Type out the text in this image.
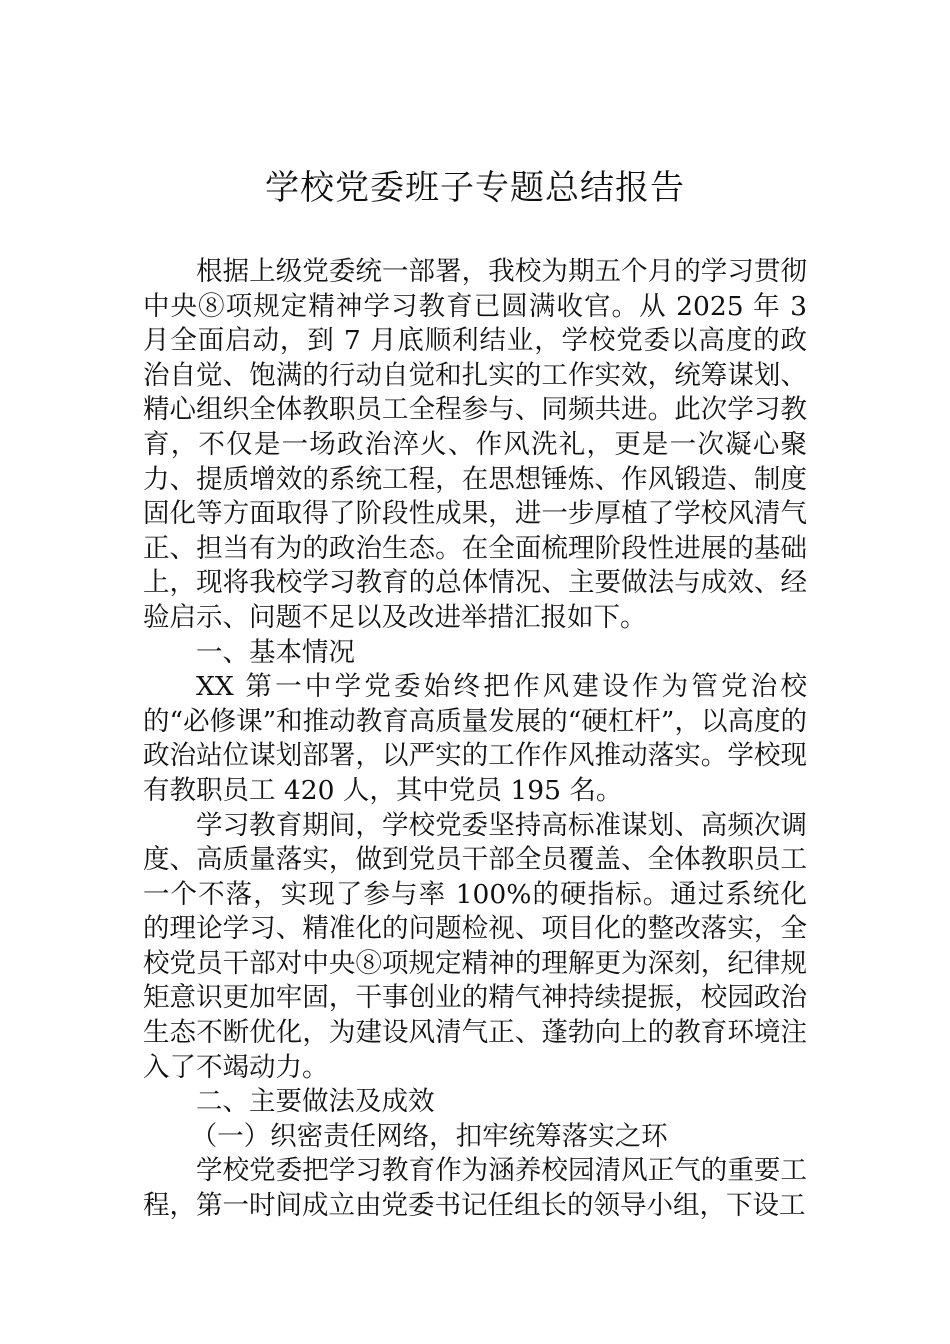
学校党委班子专题总结报告

根据上级党委统一部署，我校为期五个月的学习贯彻中央⑧项规定精神学习教育已圆满收官。从 2025 年 3 月全面启动，到 7 月底顺利结业，学校党委以高度的政治自觉、饱满的行动自觉和扎实的工作实效，统筹谋划、精心组织全体教职员工全程参与、同频共进。此次学习教育，不仅是一场政治淬火、作风洗礼，更是一次凝心聚力、提质增效的系统工程，在思想锤炼、作风锻造、制度固化等方面取得了阶段性成果，进一步厚植了学校风清气正、担当有为的政治生态。在全面梳理阶段性进展的基础上，现将我校学习教育的总体情况、主要做法与成效、经验启示、问题不足以及改进举措汇报如下。

一、基本情况

XX 第一中学党委始终把作风建设作为管党治校的“必修课”和推动教育高质量发展的“硬杠杆”，以高度的政治站位谋划部署，以严实的工作作风推动落实。学校现有教职员工 420 人，其中党员 195 名。

学习教育期间，学校党委坚持高标准谋划、高频次调度、高质量落实，做到党员干部全员覆盖、全体教职员工一个不落，实现了参与率 100%的硬指标。通过系统化的理论学习、精准化的问题检视、项目化的整改落实，全校党员干部对中央⑧项规定精神的理解更为深刻，纪律规矩意识更加牢固，干事创业的精气神持续提振，校园政治生态不断优化，为建设风清气正、蓬勃向上的教育环境注入了不竭动力。

二、主要做法及成效

（一）织密责任网络，扣牢统筹落实之环

学校党委把学习教育作为涵养校园清风正气的重要工程，第一时间成立由党委书记任组长的领导小组，下设工
